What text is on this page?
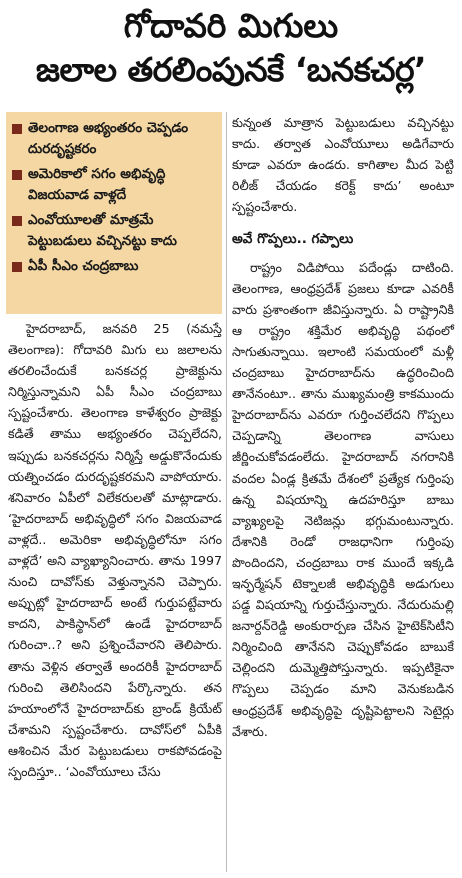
గోదావరి మిగులు
జలాల తరలింపునకే ‘బనకచర్ల’
తెలంగాణ అభ్యంతరం చెప్పడం దురదృష్టకరం
అమెరికాలో సగం అభివృద్ధి విజయవాడ వాళ్లదే
ఎంవోయూలతో మాత్రమే పెట్టుబడులు వచ్చినట్టు కాదు
ఏపీ సీఎం చంద్రబాబు

హైదరాబాద్, జనవరి 25 (నమస్తే తెలంగాణ): గోదావరి మిగు లు జలాలను తరలించేందుకే బనకచర్ల ప్రాజెక్టును నిర్మిస్తున్నామని ఏపీ సీఎం చంద్రబాబు స్పష్టంచేశారు. తెలంగాణ కాళేశ్వరం ప్రాజెక్టు కడితే తాము అభ్యంతరం చెప్పలేదని, ఇప్పుడు బనకచర్లను నిర్మిస్తే అడ్డుకొనేందుకు యత్నించడం దురదృష్టకరమని వాపోయారు. శనివారం ఏపీలో విలేకరులతో మాట్లాడారు. ‘హైదరాబాద్ అభివృద్ధిలో సగం విజయవాడ వాళ్లదే.. అమెరికా అభివృద్ధిలోనూ సగం వాళ్లదే’ అని వ్యాఖ్యానించారు. తాను 1997 నుంచి దావోస్‌కు వెళ్తున్నానని చెప్పారు. అప్పుట్లో హైదరాబాద్ అంటే గుర్తుపట్టేవారు కాదని, పాకిస్థాన్‌లో ఉండే హైదరాబాద్ గురించా..? అని ప్రశ్నించేవారని తెలిపారు. తాను వెళ్లిన తర్వాతే అందరికీ హైదరాబాద్ గురించి తెలిసిందని పేర్కొన్నారు. తన హయాంలోనే హైదరాబాద్‌కు బ్రాండ్ క్రియేట్ చేశామని స్పష్టంచేశారు. దావోస్‌లో ఏపీకి ఆశించిన మేర పెట్టుబడులు రాకపోవడంపై స్పందిస్తూ.. ‘ఎంవోయూలు చేసు

కున్నంత మాత్రాన పెట్టుబడులు వచ్చినట్టు కాదు. తర్వాత ఎంవోయూలు అడిగేవారు కూడా ఎవరూ ఉండరు. కాగితాల మీద పెట్టి రిలీజ్ చేయడం కరెక్ట్ కాదు’ అంటూ స్పష్టంచేశారు.

అవే గొప్పలు.. గప్పాలు

రాష్ట్రం విడిపోయి పదేండ్లు దాటింది. తెలంగాణ, ఆంధ్రప్రదేశ్ ప్రజలు కూడా ఎవరికీ వారు ప్రశాంతంగా జీవిస్తున్నారు. ఏ రాష్ట్రానికి ఆ రాష్ట్రం శక్తిమేర అభివృద్ధి పథంలో సాగుతున్నాయి. ఇలాంటి సమయంలో మళ్లీ చంద్రబాబు హైదరాబాద్‌ను ఉద్ధరించింది తానేనంటూ.. తాను ముఖ్యమంత్రి కాకముందు హైదరాబాద్‌ను ఎవరూ గుర్తించలేదని గొప్పలు చెప్పడాన్ని తెలంగాణ వాసులు జీర్ణించుకోవడంలేదు. హైదరాబాద్ నగరానికి వందల ఏండ్ల క్రితమే దేశంలో ప్రత్యేక గుర్తింపు ఉన్న విషయాన్ని ఉదహరిస్తూ బాబు వ్యాఖ్యలపై నెటిజన్లు భగ్గుమంటున్నారు. దేశానికి రెండో రాజధానిగా గుర్తింపు పొందిందని, చంద్రబాబు రాక ముందే ఇక్కడి ఇన్ఫర్మేషన్ టెక్నాలజీ అభివృద్ధికి అడుగులు పడ్డ విషయాన్ని గుర్తుచేస్తున్నారు. నేదురుమల్లి జనార్దన్‌రెడ్డి అంకురార్పణ చేసిన హైటెక్‌సిటీని నిర్మించింది తానేనని చెప్పుకోవడం బాబుకే చెల్లిందని దుమ్మెత్తిపోస్తున్నారు. ఇప్పటికైనా గొప్పలు చెప్పడం మాని వెనుకబడిన ఆంధ్రప్రదేశ్ అభివృద్ధిపై దృష్టిపెట్టాలని సెటైర్లు వేశారు.
